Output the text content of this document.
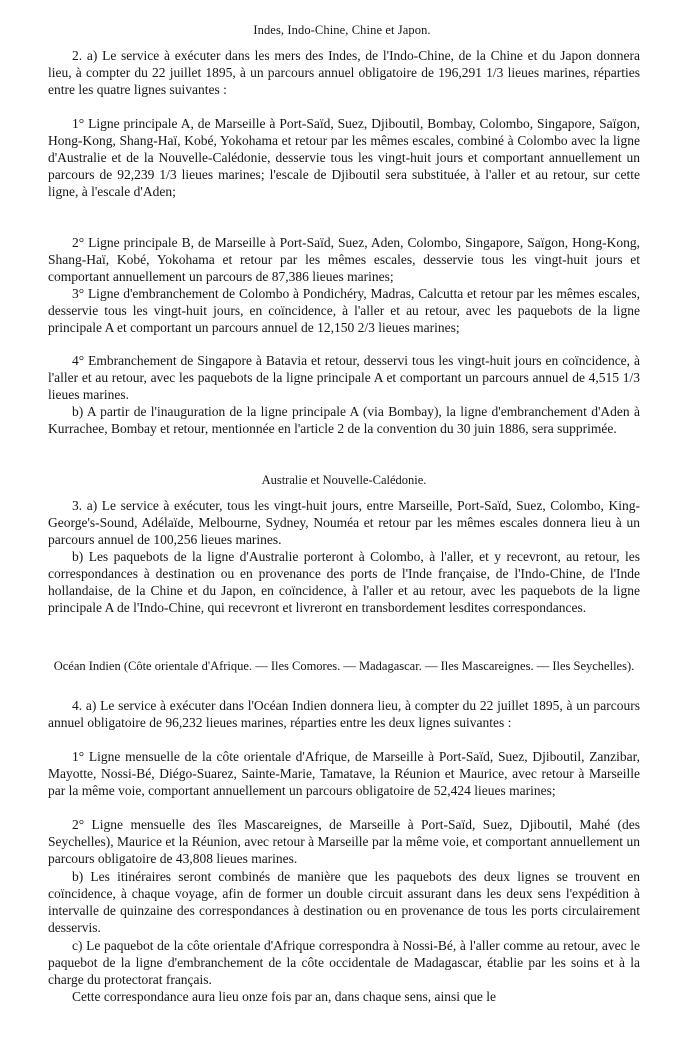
Indes, Indo-Chine, Chine et Japon.

2. a) Le service à exécuter dans les mers des Indes, de l'Indo-Chine, de la Chine et du Japon donnera lieu, à compter du 22 juillet 1895, à un parcours annuel obligatoire de 196,291 1/3 lieues marines, réparties entre les quatre lignes suivantes :

1° Ligne principale A, de Marseille à Port-Saïd, Suez, Djiboutil, Bombay, Colombo, Singapore, Saïgon, Hong-Kong, Shang-Haï, Kobé, Yokohama et retour par les mêmes escales, combiné à Colombo avec la ligne d'Australie et de la Nouvelle-Calédonie, desservie tous les vingt-huit jours et comportant annuellement un parcours de 92,239 1/3 lieues marines; l'escale de Djiboutil sera substituée, à l'aller et au retour, sur cette ligne, à l'escale d'Aden;

2° Ligne principale B, de Marseille à Port-Saïd, Suez, Aden, Colombo, Singapore, Saïgon, Hong-Kong, Shang-Haï, Kobé, Yokohama et retour par les mêmes escales, desservie tous les vingt-huit jours et comportant annuellement un parcours de 87,386 lieues marines;

3° Ligne d'embranchement de Colombo à Pondichéry, Madras, Calcutta et retour par les mêmes escales, desservie tous les vingt-huit jours, en coïncidence, à l'aller et au retour, avec les paquebots de la ligne principale A et comportant un parcours annuel de 12,150 2/3 lieues marines;

4° Embranchement de Singapore à Batavia et retour, desservi tous les vingt-huit jours en coïncidence, à l'aller et au retour, avec les paquebots de la ligne principale A et comportant un parcours annuel de 4,515 1/3 lieues marines.

b) A partir de l'inauguration de la ligne principale A (via Bombay), la ligne d'embranchement d'Aden à Kurrachee, Bombay et retour, mentionnée en l'article 2 de la convention du 30 juin 1886, sera supprimée.

Australie et Nouvelle-Calédonie.

3. a) Le service à exécuter, tous les vingt-huit jours, entre Marseille, Port-Saïd, Suez, Colombo, King-George's-Sound, Adélaïde, Melbourne, Sydney, Nouméa et retour par les mêmes escales donnera lieu à un parcours annuel de 100,256 lieues marines.

b) Les paquebots de la ligne d'Australie porteront à Colombo, à l'aller, et y recevront, au retour, les correspondances à destination ou en provenance des ports de l'Inde française, de l'Indo-Chine, de l'Inde hollandaise, de la Chine et du Japon, en coïncidence, à l'aller et au retour, avec les paquebots de la ligne principale A de l'Indo-Chine, qui recevront et livreront en transbordement lesdites correspondances.

Océan Indien (Côte orientale d'Afrique. — Iles Comores. — Madagascar. — Iles Mascareignes. — Iles Seychelles).

4. a) Le service à exécuter dans l'Océan Indien donnera lieu, à compter du 22 juillet 1895, à un parcours annuel obligatoire de 96,232 lieues marines, réparties entre les deux lignes suivantes :

1° Ligne mensuelle de la côte orientale d'Afrique, de Marseille à Port-Saïd, Suez, Djiboutil, Zanzibar, Mayotte, Nossi-Bé, Diégo-Suarez, Sainte-Marie, Tamatave, la Réunion et Maurice, avec retour à Marseille par la même voie, comportant annuellement un parcours obligatoire de 52,424 lieues marines;

2° Ligne mensuelle des îles Mascareignes, de Marseille à Port-Saïd, Suez, Djiboutil, Mahé (des Seychelles), Maurice et la Réunion, avec retour à Marseille par la même voie, et comportant annuellement un parcours obligatoire de 43,808 lieues marines.

b) Les itinéraires seront combinés de manière que les paquebots des deux lignes se trouvent en coïncidence, à chaque voyage, afin de former un double circuit assurant dans les deux sens l'expédition à intervalle de quinzaine des correspondances à destination ou en provenance de tous les ports circulairement desservis.

c) Le paquebot de la côte orientale d'Afrique correspondra à Nossi-Bé, à l'aller comme au retour, avec le paquebot de la ligne d'embranchement de la côte occidentale de Madagascar, établie par les soins et à la charge du protectorat français.

Cette correspondance aura lieu onze fois par an, dans chaque sens, ainsi que le
